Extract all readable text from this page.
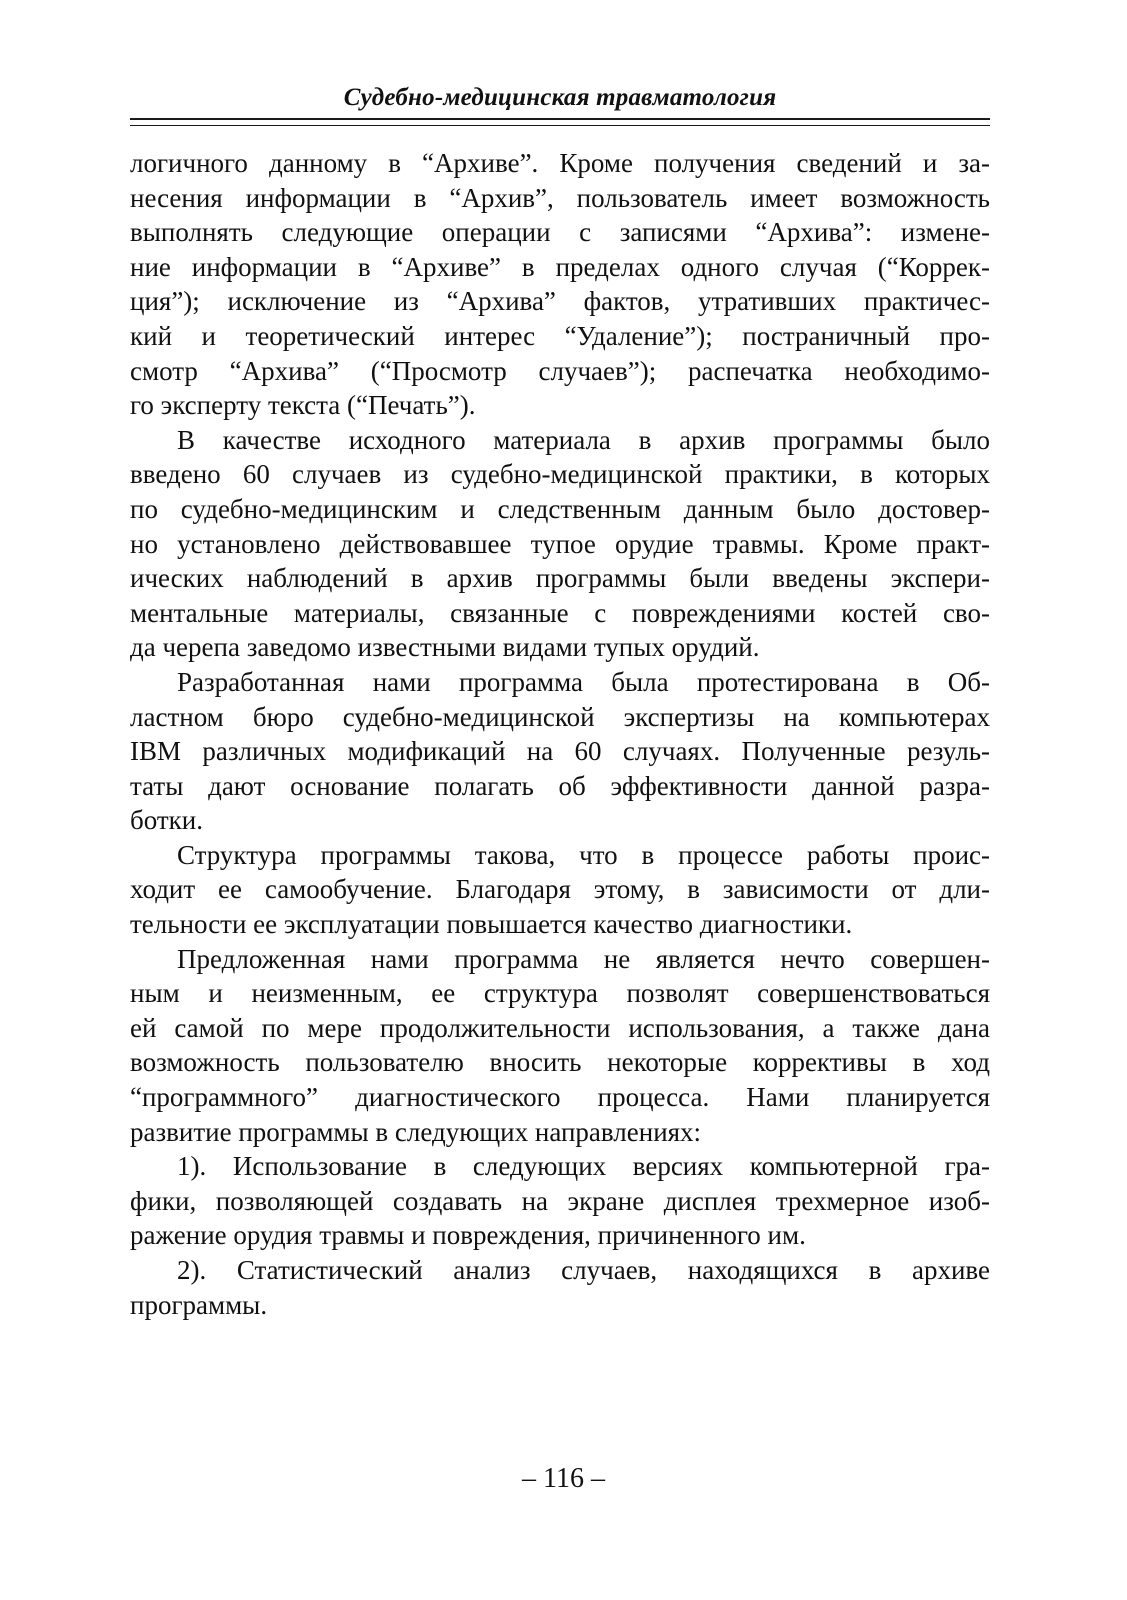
Судебно-медицинская травматология
логичного данному в “Архиве”. Кроме получения сведений и за-
несения информации в “Архив”, пользователь имеет возможность
выполнять следующие операции с записями “Архива”: измене-
ние информации в “Архиве” в пределах одного случая (“Коррек-
ция”); исключение из “Архива” фактов, утративших практичес-
кий и теоретический интерес “Удаление”); постраничный про-
смотр “Архива” (“Просмотр случаев”); распечатка необходимо-
го эксперту текста (“Печать”).
В качестве исходного материала в архив программы было
введено 60 случаев из судебно-медицинской практики, в которых
по судебно-медицинским и следственным данным было достовер-
но установлено действовавшее тупое орудие травмы. Кроме практ-
ических наблюдений в архив программы были введены экспери-
ментальные материалы, связанные с повреждениями костей сво-
да черепа заведомо известными видами тупых орудий.
Разработанная нами программа была протестирована в Об-
ластном бюро судебно-медицинской экспертизы на компьютерах
IBM различных модификаций на 60 случаях. Полученные резуль-
таты дают основание полагать об эффективности данной разра-
ботки.
Структура программы такова, что в процессе работы проис-
ходит ее самообучение. Благодаря этому, в зависимости от дли-
тельности ее эксплуатации повышается качество диагностики.
Предложенная нами программа не является нечто совершен-
ным и неизменным, ее структура позволят совершенствоваться
ей самой по мере продолжительности использования, а также дана
возможность пользователю вносить некоторые коррективы в ход
“программного” диагностического процесса. Нами планируется
развитие программы в следующих направлениях:
1). Использование в следующих версиях компьютерной гра-
фики, позволяющей создавать на экране дисплея трехмерное изоб-
ражение орудия травмы и повреждения, причиненного им.
2). Статистический анализ случаев, находящихся в архиве
программы.
– 116 –
